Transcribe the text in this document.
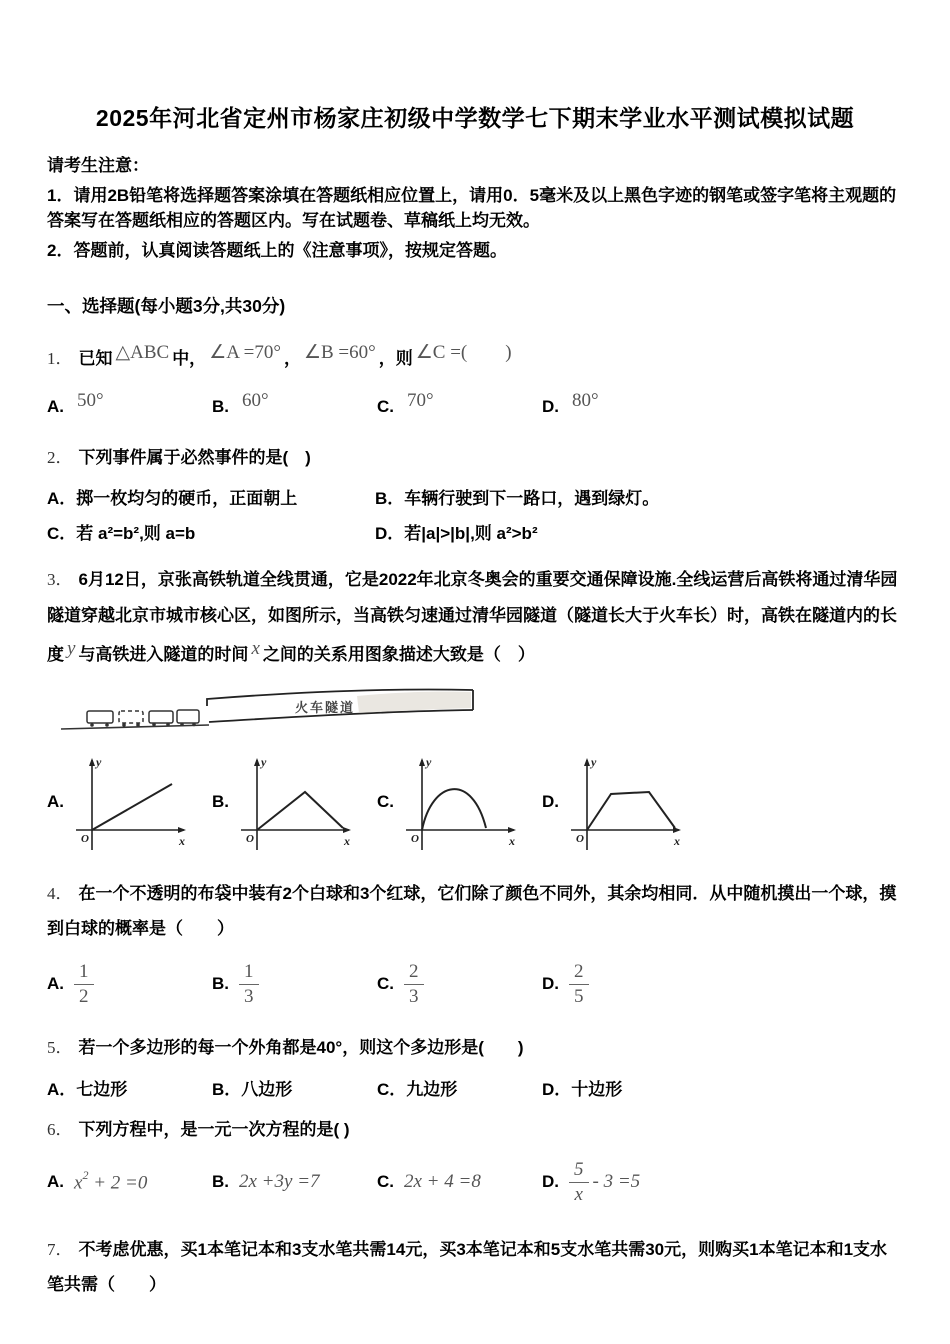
2025年河北省定州市杨家庄初级中学数学七下期末学业水平测试模拟试题

请考生注意：

1．请用2B铅笔将选择题答案涂填在答题纸相应位置上，请用0．5毫米及以上黑色字迹的钢笔或签字笔将主观题的答案写在答题纸相应的答题区内。写在试题卷、草稿纸上均无效。

2．答题前，认真阅读答题纸上的《注意事项》，按规定答题。

一、选择题(每小题3分,共30分)
1． 已知 △ABC 中， ∠A =70° ， ∠B =60° ，则 ∠C =(　　)
A. 50°	B. 60°	C. 70°	D. 80°
2． 下列事件属于必然事件的是(　)
A．掷一枚均匀的硬币，正面朝上	B．车辆行驶到下一路口，遇到绿灯。
C．若 a²=b²,则 a=b	D．若|a|>|b|,则 a²>b²

3． 6月12日，京张高铁轨道全线贯通，它是2022年北京冬奥会的重要交通保障设施.全线运营后高铁将通过清华园隧道穿越北京市城市核心区，如图所示，当高铁匀速通过清华园隧道（隧道长大于火车长）时，高铁在隧道内的长度 y 与高铁进入隧道的时间 x 之间的关系用图象描述大致是（　）

火车隧道
A.
y
x
O
B.
y
x
O
C.
y
x
O
D.
y
x
O

4． 在一个不透明的布袋中装有2个白球和3个红球，它们除了颜色不同外，其余均相同．从中随机摸出一个球，摸到白球的概率是（　　）

A. $\frac{1}{2}$	B. $\frac{1}{3}$	C. $\frac{2}{3}$	D. $\frac{2}{5}$
5． 若一个多边形的每一个外角都是40°，则这个多边形是(　　)
A．七边形	B．八边形	C．九边形	D．十边形
6． 下列方程中，是一元一次方程的是( )
A. $x^2 + 2 =0$	B. 2x +3y =7	C. 2x + 4 =8	D. $\frac{5}{x} - 3 =5$

7． 不考虑优惠，买1本笔记本和3支水笔共需14元，买3本笔记本和5支水笔共需30元，则购买1本笔记本和1支水笔共需（　　）
